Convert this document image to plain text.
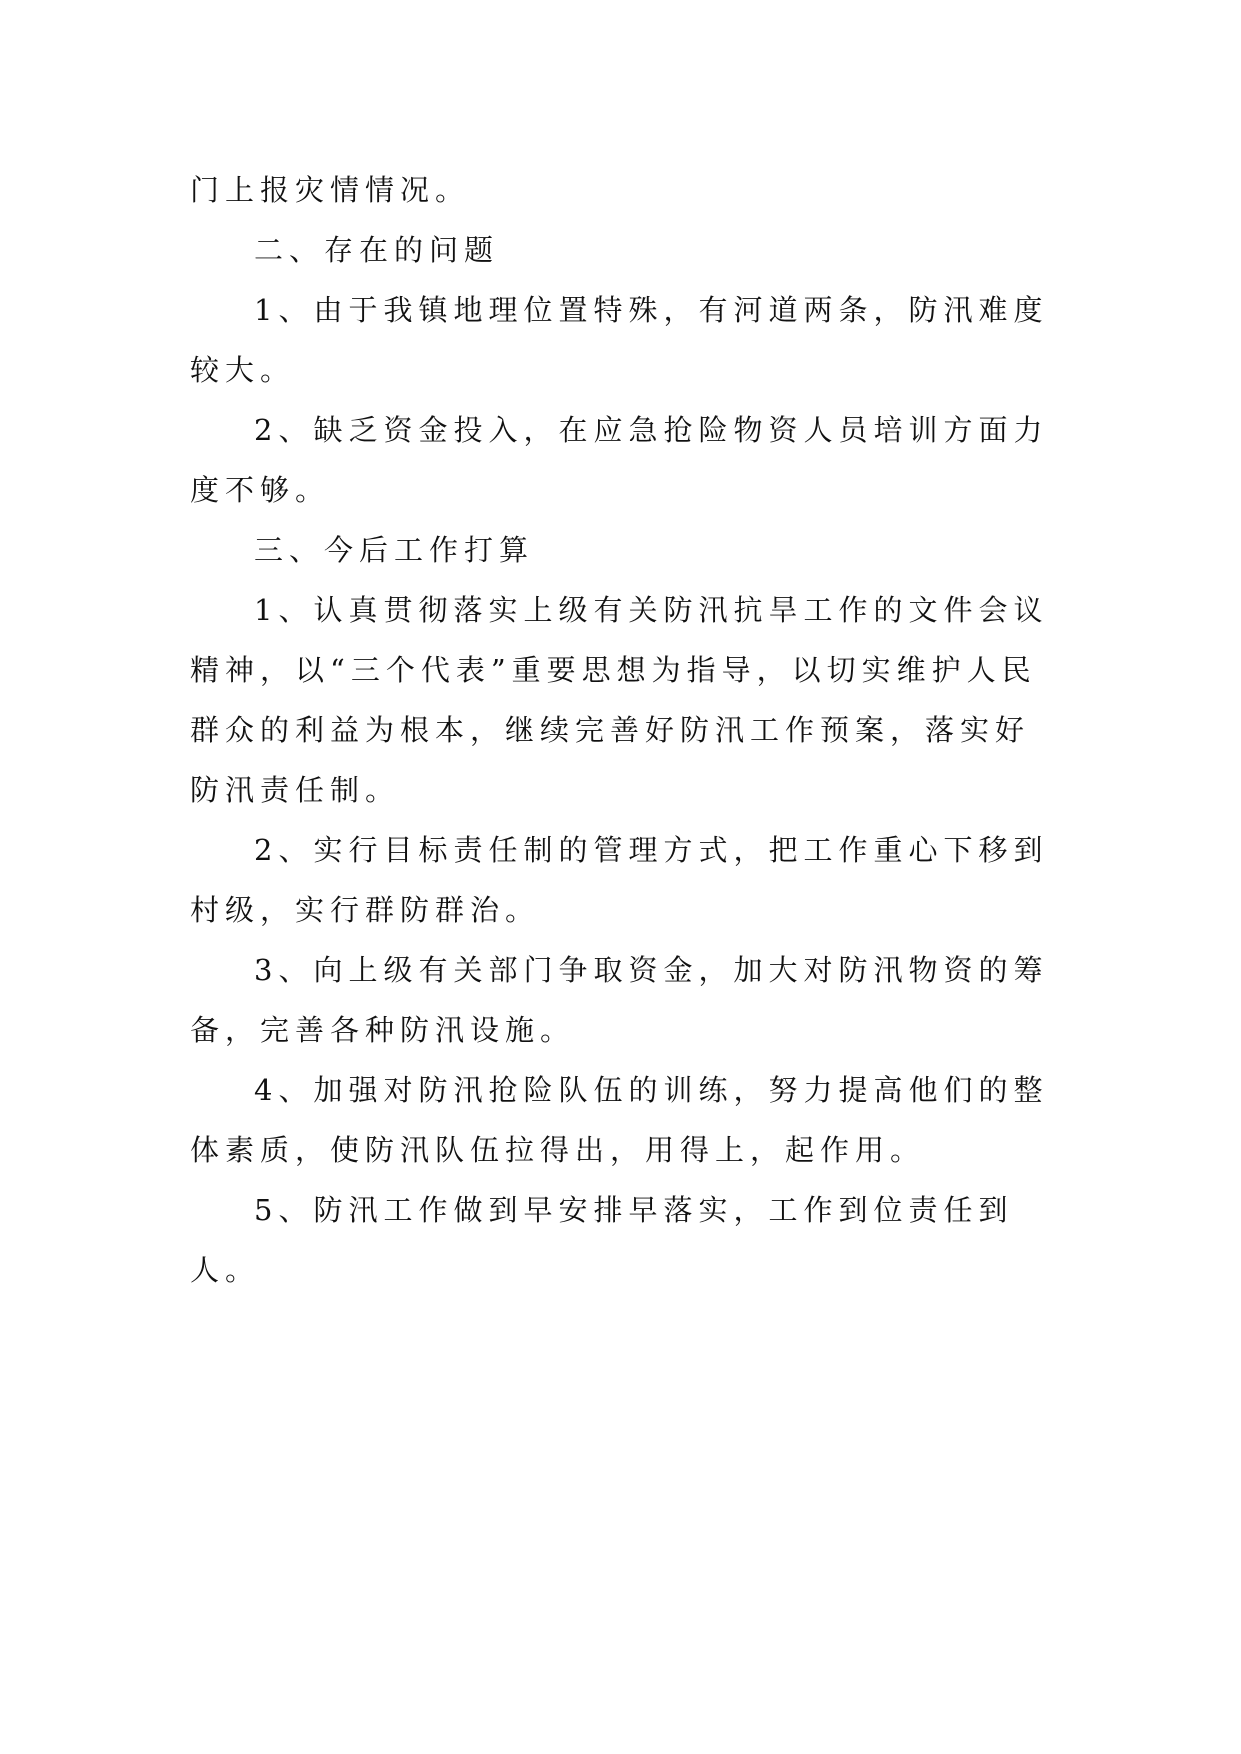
门上报灾情情况。

二、存在的问题

1、由于我镇地理位置特殊，有河道两条，防汛难度较大。

2、缺乏资金投入，在应急抢险物资人员培训方面力度不够。

三、今后工作打算

1、认真贯彻落实上级有关防汛抗旱工作的文件会议精神，以“三个代表”重要思想为指导，以切实维护人民群众的利益为根本，继续完善好防汛工作预案，落实好防汛责任制。

2、实行目标责任制的管理方式，把工作重心下移到村级，实行群防群治。

3、向上级有关部门争取资金，加大对防汛物资的筹备，完善各种防汛设施。

4、加强对防汛抢险队伍的训练，努力提高他们的整体素质，使防汛队伍拉得出，用得上，起作用。

5、防汛工作做到早安排早落实，工作到位责任到人。
